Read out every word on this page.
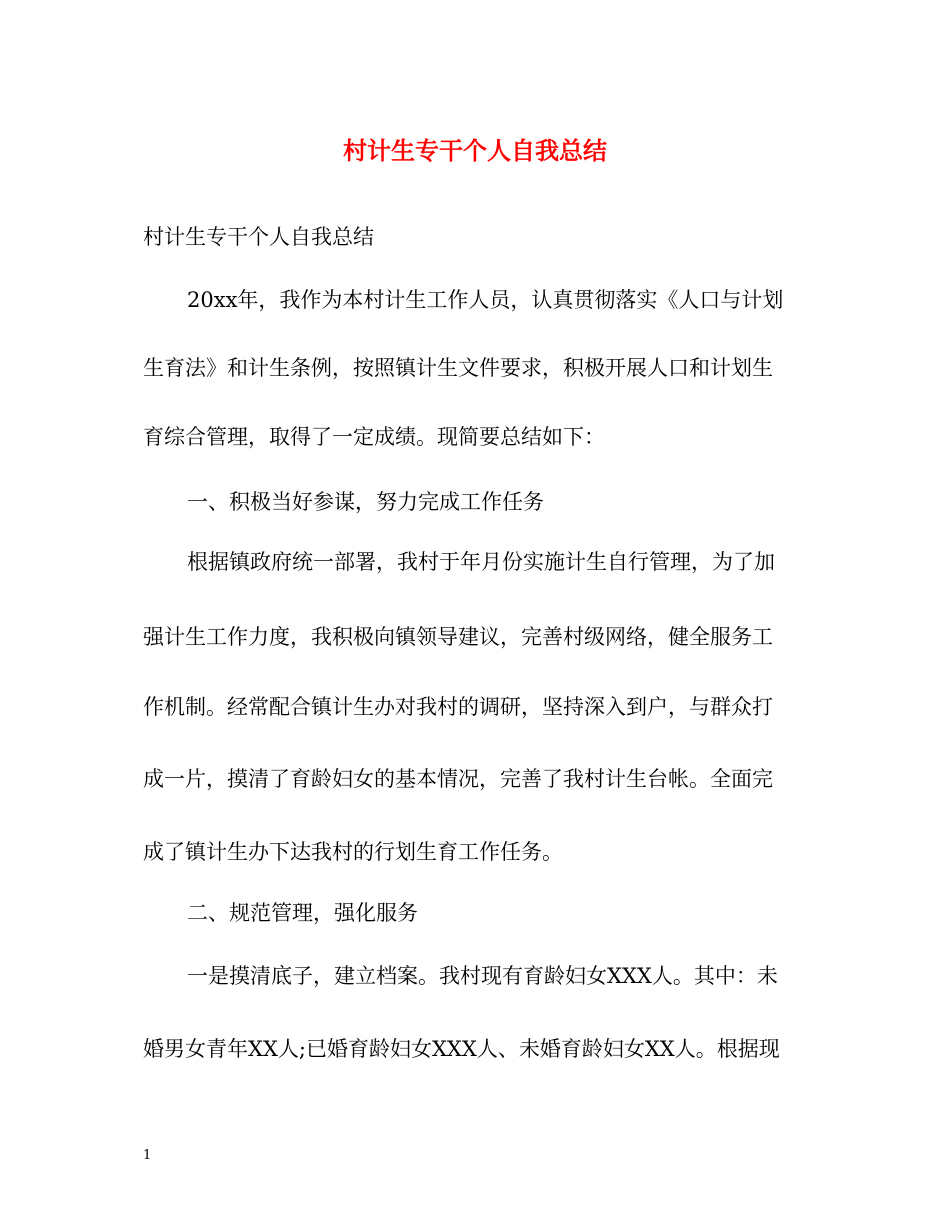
村计生专干个人自我总结

村计生专干个人自我总结

20xx年，我作为本村计生工作人员，认真贯彻落实《人口与计划

生育法》和计生条例，按照镇计生文件要求，积极开展人口和计划生

育综合管理，取得了一定成绩。现简要总结如下：

一、积极当好参谋，努力完成工作任务

根据镇政府统一部署，我村于年月份实施计生自行管理，为了加

强计生工作力度，我积极向镇领导建议，完善村级网络，健全服务工

作机制。经常配合镇计生办对我村的调研，坚持深入到户，与群众打

成一片，摸清了育龄妇女的基本情况，完善了我村计生台帐。全面完

成了镇计生办下达我村的行划生育工作任务。

二、规范管理，强化服务

一是摸清底子，建立档案。我村现有育龄妇女XXX人。其中：未

婚男女青年XX人;已婚育龄妇女XXX人、未婚育龄妇女XX人。根据现

1
